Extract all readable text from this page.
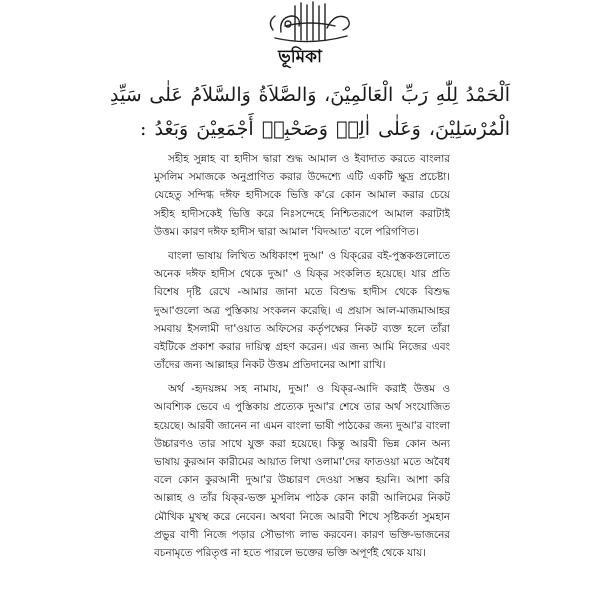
ভূমিকা
اَلْحَمْدُ لِلّٰهِ رَبِّ الْعَالَمِيْنَ، وَالصَّلاَةُ وَالسَّلاَمُ عَلٰى سَيِّدِ
الْمُرْسَلِيْنَ، وَعَلٰى اٰلِهٖ وَصَحْبِهٖ أَجْمَعِيْنَ وَبَعْدُ :
সহীহ সুন্নাহ বা হাদীস দ্বারা শুদ্ধ আমাল ও ইবাদাত করতে বাংলার
মুসলিম সমাজকে অনুপ্রাণিত করার উদ্দেশ্যে এটি একটি ক্ষুদ্র প্রচেষ্টা।
যেহেতু সন্দিগ্ধ দঈফ হাদীসকে ভিত্তি ক'রে কোন আমাল করার চেয়ে
সহীহ হাদীসকেই ভিত্তি করে নিঃসন্দেহে নিশ্চিতরূপে আমাল করাটাই
উত্তম। কারণ দঈফ হাদীস দ্বারা আমাল 'বিদআত' বলে পরিগণিত।
বাংলা ভাষায় লিখিত অধিকাংশ দুআ' ও যিক্‌রের বই-পুস্তকগুলোতে
অনেক দঈফ হাদীস থেকে দুআ' ও যিক্‌র সংকলিত হয়েছে। যার প্রতি
বিশেষ দৃষ্টি রেখে -আমার জানা মতে বিশুদ্ধ হাদীস থেকে বিশুদ্ধ
দুআ'গুলো অত্র পুস্তিকায় সংকলন করেছি। এ প্রয়াস আল-মাজমাআহর
সমবায় ইসলামী দা'ওয়াত অফিসের কর্তৃপক্ষের নিকট ব্যক্ত হলে তাঁরা
বইটিকে প্রকাশ করার দায়িত্ব গ্রহণ করেন। এর জন্য আমি নিজের এবং
তাঁদের জন্য আল্লাহর নিকট উত্তম প্রতিদানের আশা রাখি।
অর্থ -হৃদয়ঙ্গম সহ নামায, দুআ' ও যিক্‌র-আদি করাই উত্তম ও
আবশ্যিক ভেবে এ পুস্তিকায় প্রত্যেক দুআ'র শেষে তার অর্থ সংযোজিত
হয়েছে। আরবী জানেন না এমন বাংলা ভাষী পাঠকের জন্য দুআ'র বাংলা
উচ্চারণও তার সাথে যুক্ত করা হয়েছে। কিন্তু আরবী ভিন্ন কোন অন্য
ভাষায় কুরআন কারীমের আয়াত লিখা ওলামা'দের ফাতওয়া মতে অবৈধ
বলে কোন কুরআনী দুআ'র উচ্চারণ দেওয়া সম্ভব হয়নি। আশা করি
আল্লাহ ও তাঁর যিক্‌র-ভক্ত মুসলিম পাঠক কোন কারী আলিমের নিকট
মৌখিক মুখস্থ করে নেবেন। অথবা নিজে আরবী শিখে সৃষ্টিকর্তা সুমহান
প্রভুর বাণী নিজে পড়ার সৌভাগ্য লাভ করবেন। কারণ ভক্তি-ভাজনের
বচনামৃতে পরিতৃপ্ত না হতে পারলে ভক্তের ভক্তি অপূর্ণই থেকে যায়।
